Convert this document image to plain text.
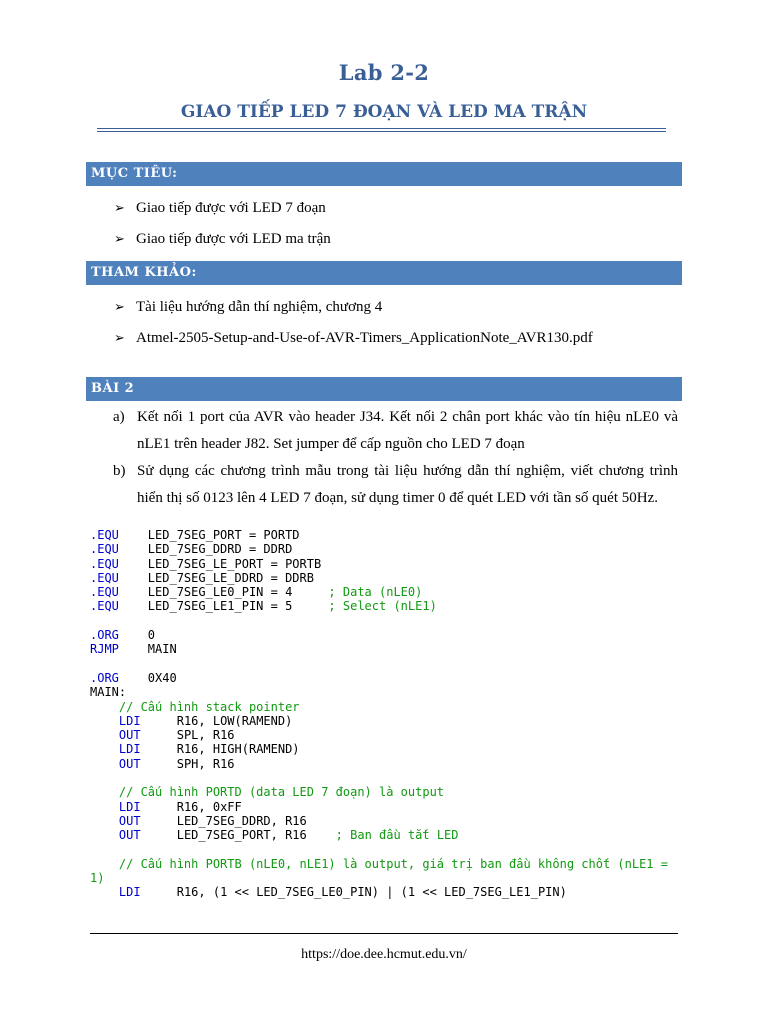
Lab 2-2
GIAO TIẾP LED 7 ĐOẠN VÀ LED MA TRẬN
MỤC TIÊU:
➢ Giao tiếp được với LED 7 đoạn
➢ Giao tiếp được với LED ma trận
THAM KHẢO:
➢ Tài liệu hướng dẫn thí nghiệm, chương 4
➢ Atmel-2505-Setup-and-Use-of-AVR-Timers_ApplicationNote_AVR130.pdf
BÀI 2
a) Kết nối 1 port của AVR vào header J34. Kết nối 2 chân port khác vào tín hiệu nLE0 và nLE1 trên header J82. Set jumper để cấp nguồn cho LED 7 đoạn
b) Sử dụng các chương trình mẫu trong tài liệu hướng dẫn thí nghiệm, viết chương trình hiển thị số 0123 lên 4 LED 7 đoạn, sử dụng timer 0 để quét LED với tần số quét 50Hz.
.EQU    LED_7SEG_PORT = PORTD
.EQU    LED_7SEG_DDRD = DDRD
.EQU    LED_7SEG_LE_PORT = PORTB
.EQU    LED_7SEG_LE_DDRD = DDRB
.EQU    LED_7SEG_LE0_PIN = 4     ; Data (nLE0)
.EQU    LED_7SEG_LE1_PIN = 5     ; Select (nLE1)

.ORG    0
RJMP    MAIN

.ORG    0X40
MAIN:
// Cấu hình stack pointer
LDI     R16, LOW(RAMEND)
OUT     SPL, R16
LDI     R16, HIGH(RAMEND)
OUT     SPH, R16

// Cấu hình PORTD (data LED 7 đoạn) là output
LDI     R16, 0xFF
OUT     LED_7SEG_DDRD, R16
OUT     LED_7SEG_PORT, R16    ; Ban đầu tắt LED

// Cấu hình PORTB (nLE0, nLE1) là output, giá trị ban đầu không chốt (nLE1 =
1)
LDI     R16, (1 << LED_7SEG_LE0_PIN) | (1 << LED_7SEG_LE1_PIN)
https://doe.dee.hcmut.edu.vn/
